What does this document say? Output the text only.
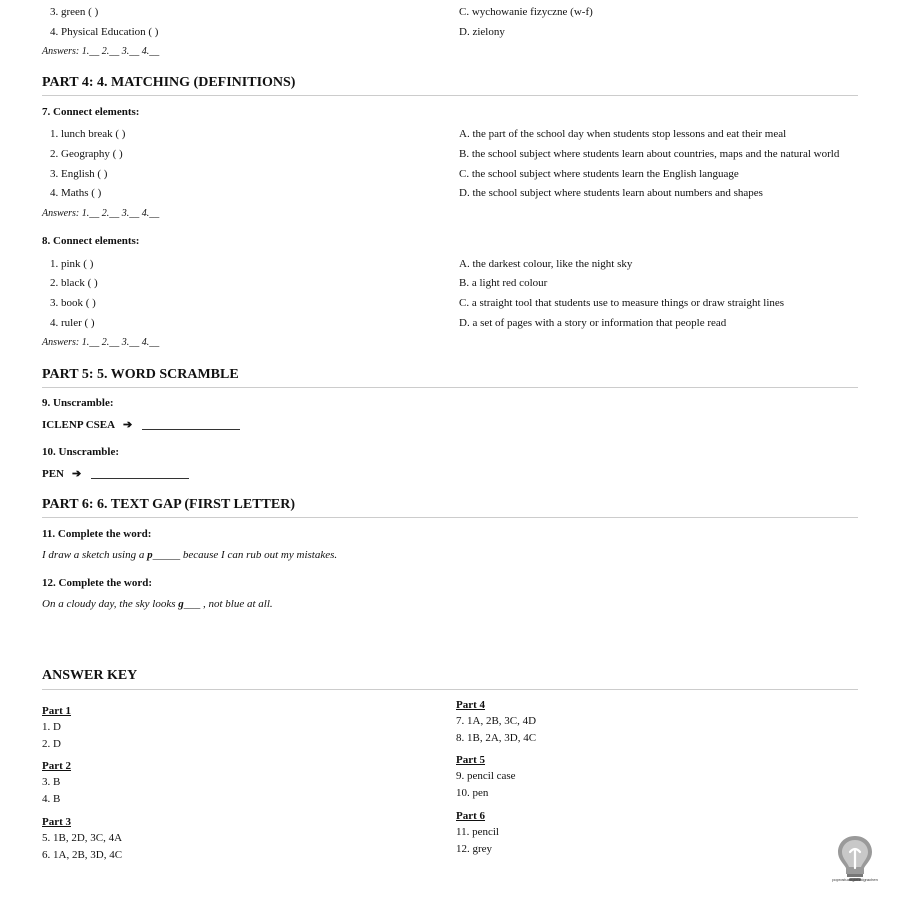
3. green ( )	C. wychowanie fizyczne (w-f)
4. Physical Education ( )	D. zielony
Answers: 1.__ 2.__ 3.__ 4.__
PART 4: 4. MATCHING (DEFINITIONS)
7. Connect elements:
1. lunch break ( )	A. the part of the school day when students stop lessons and eat their meal
2. Geography ( )	B. the school subject where students learn about countries, maps and the natural world
3. English ( )	C. the school subject where students learn the English language
4. Maths ( )	D. the school subject where students learn about numbers and shapes
Answers: 1.__ 2.__ 3.__ 4.__
8. Connect elements:
1. pink ( )	A. the darkest colour, like the night sky
2. black ( )	B. a light red colour
3. book ( )	C. a straight tool that students use to measure things or draw straight lines
4. ruler ( )	D. a set of pages with a story or information that people read
Answers: 1.__ 2.__ 3.__ 4.__
PART 5: 5. WORD SCRAMBLE
9. Unscramble:
ICLENP CSEA ➔
10. Unscramble:
PEN ➔
PART 6: 6. TEXT GAP (FIRST LETTER)
11. Complete the word:
I draw a sketch using a p_____ because I can rub out my mistakes.
12. Complete the word:
On a cloudy day, the sky looks g___ , not blue at all.
ANSWER KEY
Part 1
1. D
2. D
Part 2
3. B
4. B
Part 3
5. 1B, 2D, 3C, 4A
6. 1A, 2B, 3D, 4C
Part 4
7. 1A, 2B, 3C, 4D
8. 1B, 2A, 3D, 4C
Part 5
9. pencil case
10. pen
Part 6
11. pencil
12. grey
poprostuangielskigrachen
